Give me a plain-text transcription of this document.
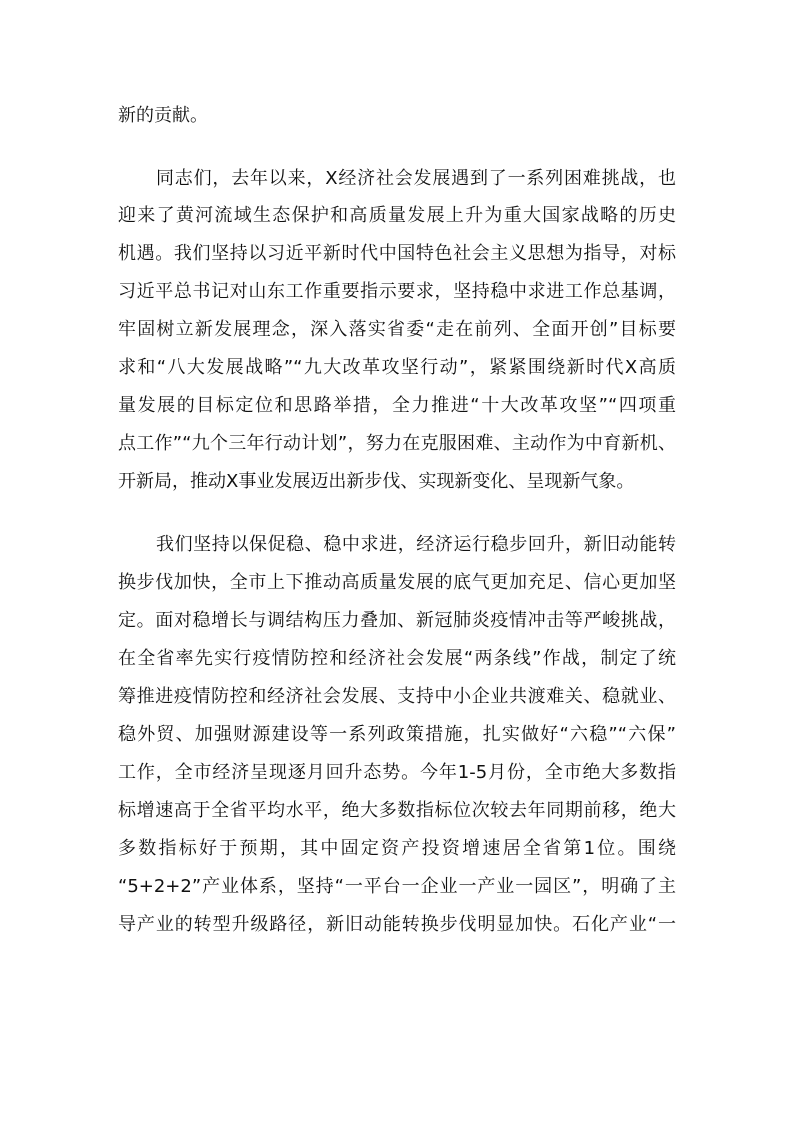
新的贡献。
同志们，去年以来，X经济社会发展遇到了一系列困难挑战，也
迎来了黄河流域生态保护和高质量发展上升为重大国家战略的历史
机遇。我们坚持以习近平新时代中国特色社会主义思想为指导，对标
习近平总书记对山东工作重要指示要求，坚持稳中求进工作总基调，
牢固树立新发展理念，深入落实省委“走在前列、全面开创”目标要
求和“八大发展战略”“九大改革攻坚行动”，紧紧围绕新时代X高质
量发展的目标定位和思路举措，全力推进“十大改革攻坚”“四项重
点工作”“九个三年行动计划”，努力在克服困难、主动作为中育新机、
开新局，推动X事业发展迈出新步伐、实现新变化、呈现新气象。
我们坚持以保促稳、稳中求进，经济运行稳步回升，新旧动能转
换步伐加快，全市上下推动高质量发展的底气更加充足、信心更加坚
定。面对稳增长与调结构压力叠加、新冠肺炎疫情冲击等严峻挑战，
在全省率先实行疫情防控和经济社会发展“两条线”作战，制定了统
筹推进疫情防控和经济社会发展、支持中小企业共渡难关、稳就业、
稳外贸、加强财源建设等一系列政策措施，扎实做好“六稳”“六保”
工作，全市经济呈现逐月回升态势。今年1-5月份，全市绝大多数指
标增速高于全省平均水平，绝大多数指标位次较去年同期前移，绝大
多数指标好于预期，其中固定资产投资增速居全省第1位。围绕
“5+2+2”产业体系，坚持“一平台一企业一产业一园区”，明确了主
导产业的转型升级路径，新旧动能转换步伐明显加快。石化产业“一
